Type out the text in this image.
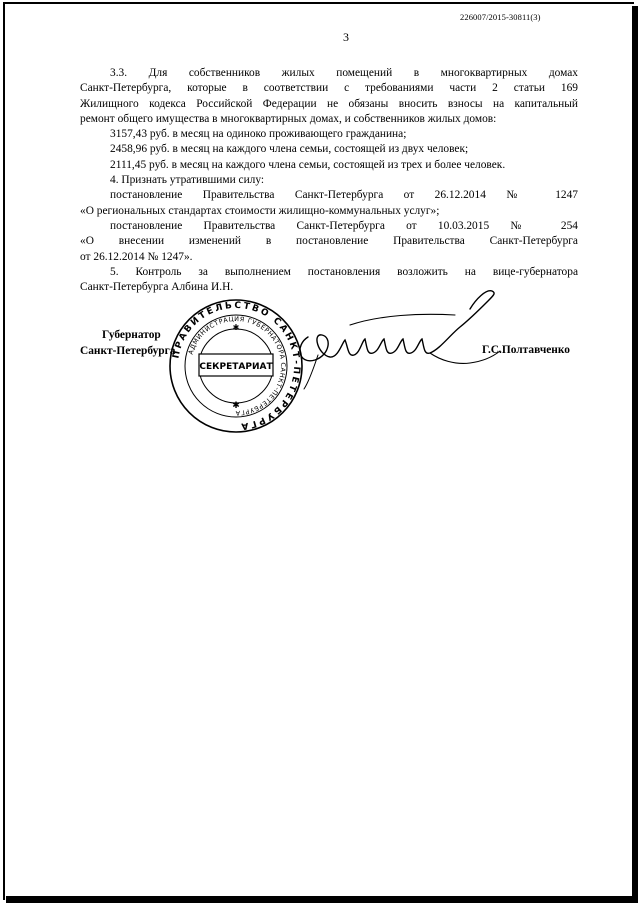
226007/2015-30811(3)
3

3.3. Для собственников жилых помещений в многоквартирных домах

Санкт-Петербурга, которые в соответствии с требованиями части 2 статьи 169

Жилищного кодекса Российской Федерации не обязаны вносить взносы на капитальный

ремонт общего имущества в многоквартирных домах, и собственников жилых домов:

3157,43 руб. в месяц на одиноко проживающего гражданина;

2458,96 руб. в месяц на каждого члена семьи, состоящей из двух человек;

2111,45 руб. в месяц на каждого члена семьи, состоящей из трех и более человек.

4. Признать утратившими силу:

постановление Правительства Санкт-Петербурга от 26.12.2014 № 1247

«О региональных стандартах стоимости жилищно-коммунальных услуг»;

постановление Правительства Санкт-Петербурга от 10.03.2015 № 254

«О внесении изменений в постановление Правительства Санкт-Петербурга

от 26.12.2014 № 1247».

5. Контроль за выполнением постановления возложить на вице-губернатора

Санкт-Петербурга Албина И.Н.

Губернатор
Санкт-Петербурга
ПРАВИТЕЛЬСТВО САНКТ-ПЕТЕРБУРГА
АДМИНИСТРАЦИЯ ГУБЕРНАТОРА САНКТ-ПЕТЕРБУРГА
СЕКРЕТАРИАТ
✱
✱
Г.С.Полтавченко
